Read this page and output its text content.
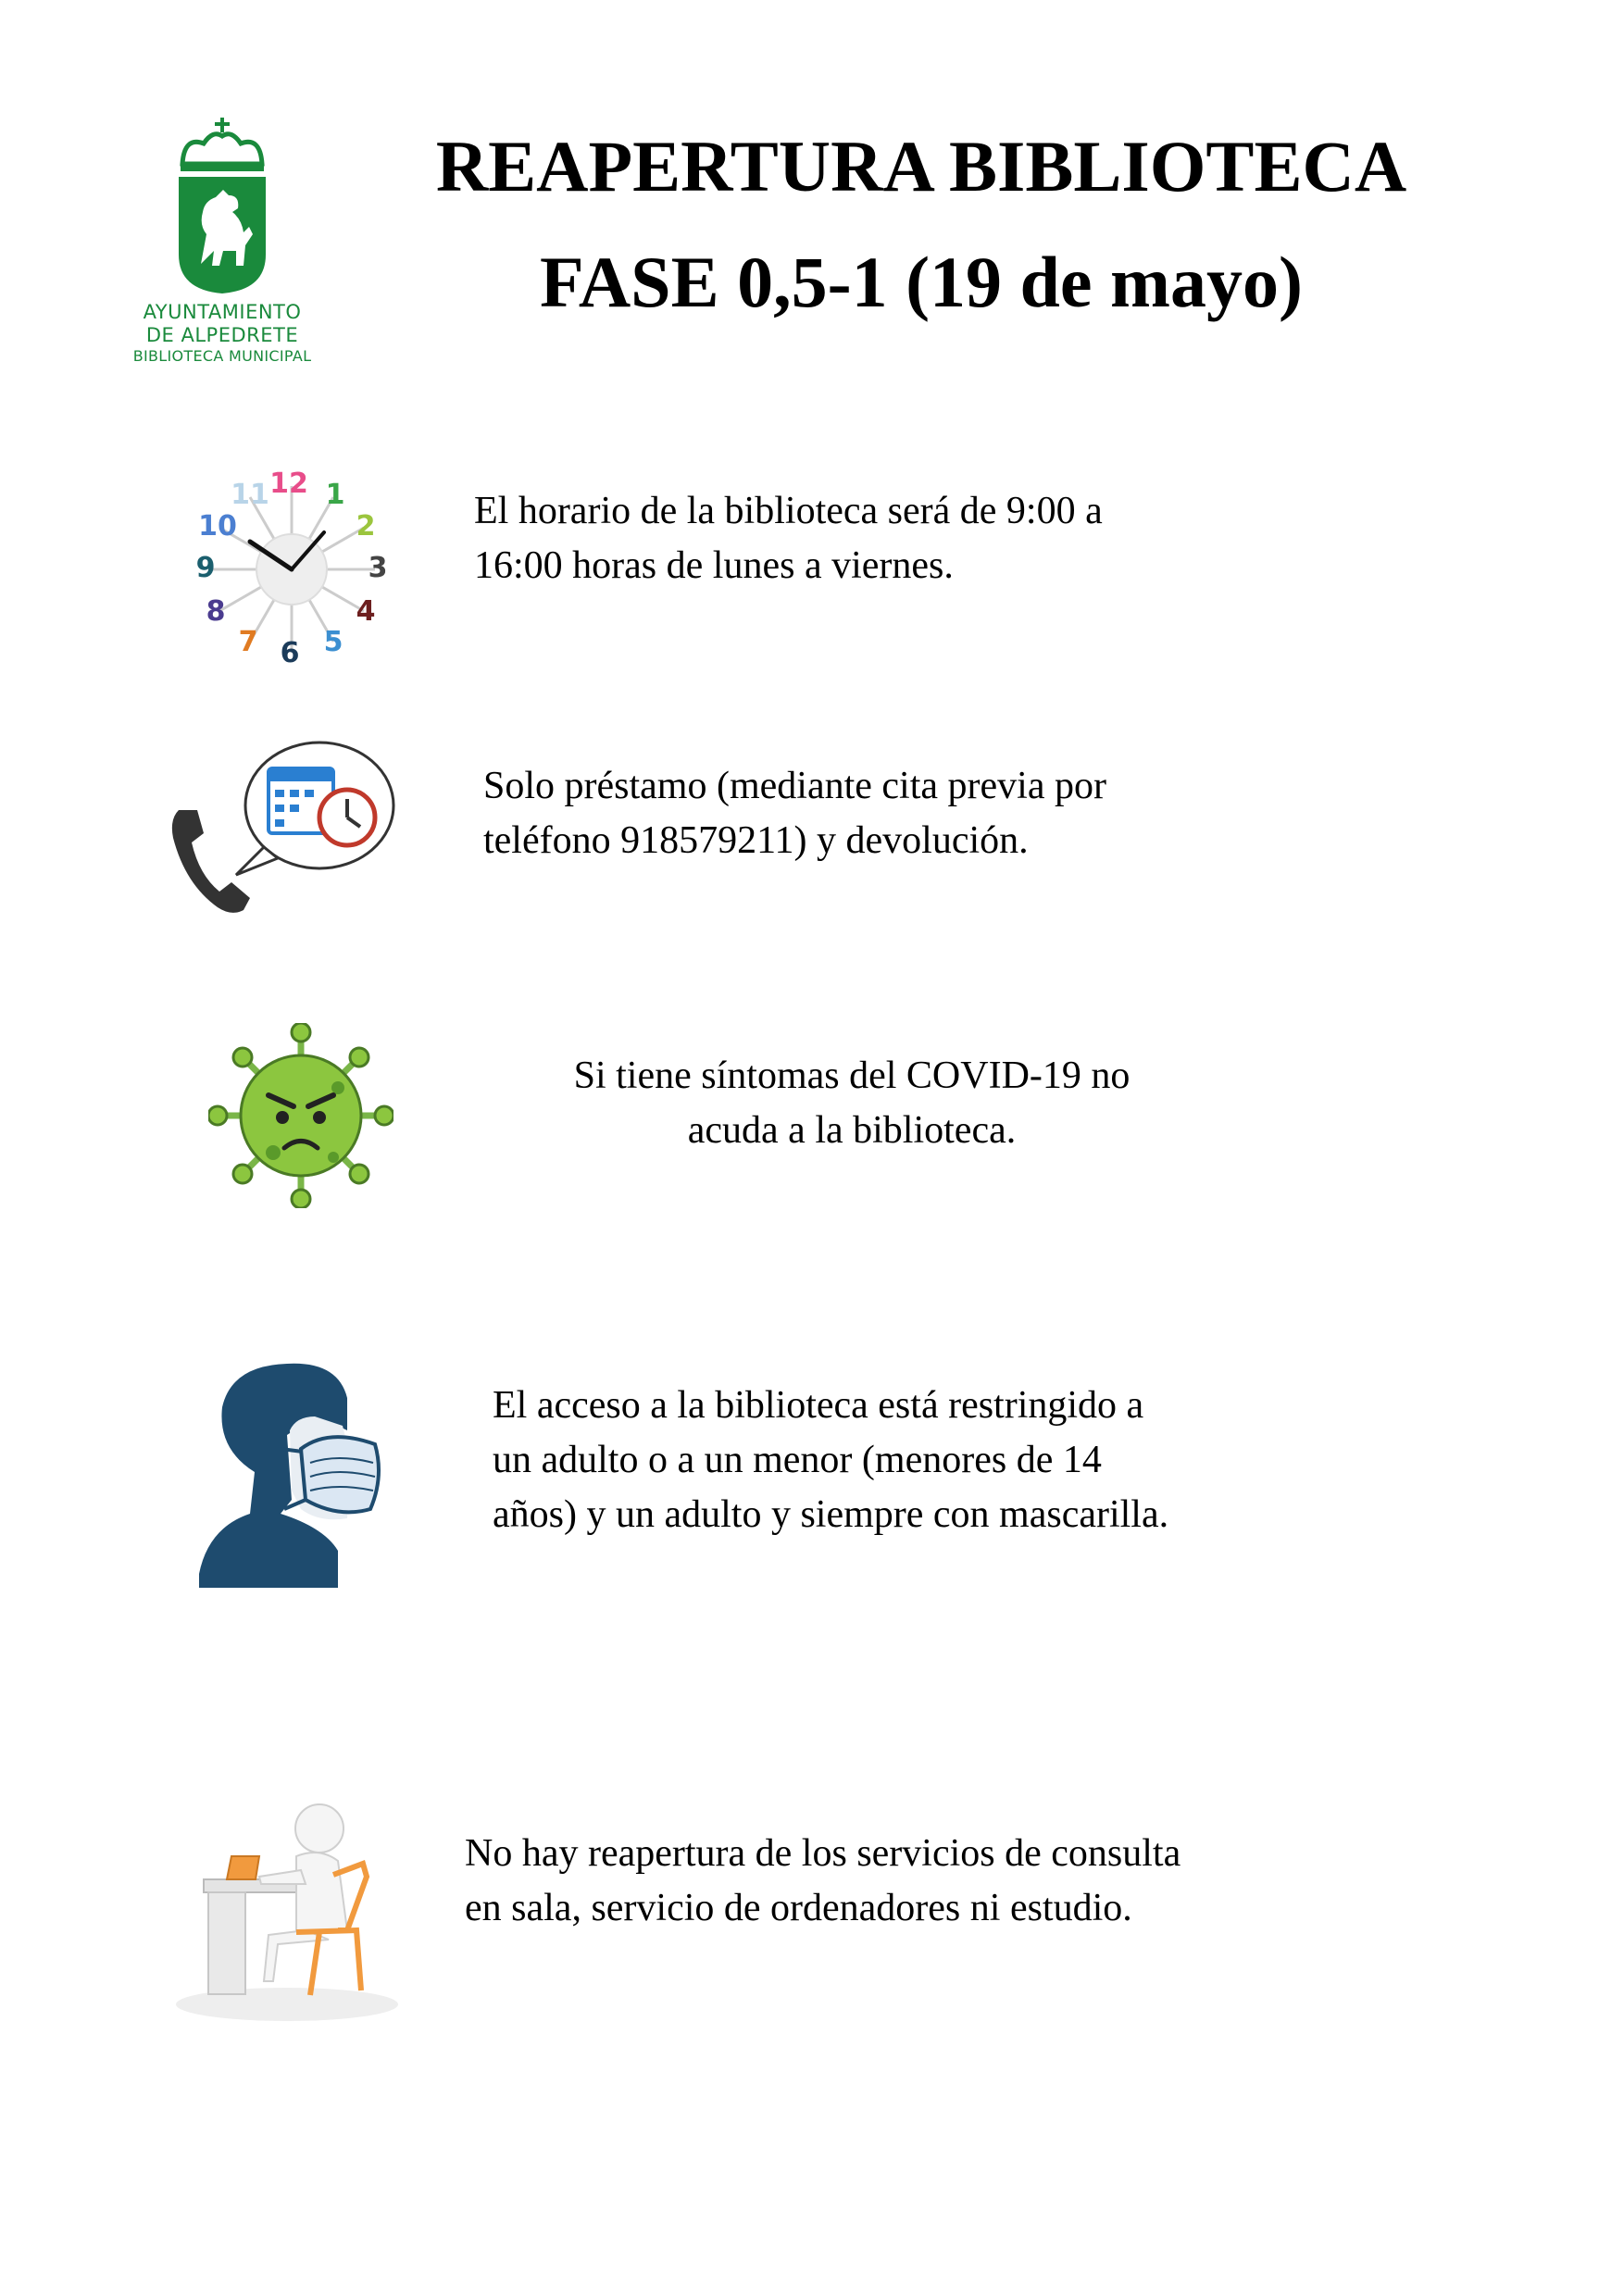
AYUNTAMIENTO
DE ALPEDRETE
BIBLIOTECA MUNICIPAL
REAPERTURA BIBLIOTECA
FASE 0,5-1 (19 de mayo)
12 1
2
3
4
5
6
7
8
9
10
11	El horario de la biblioteca será de 9:00 a
16:00 horas de lunes a viernes.
Solo préstamo (mediante cita previa por
teléfono 918579211) y devolución.
Si tiene síntomas del COVID-19 no
acuda a la biblioteca.
El acceso a la biblioteca está restringido a
un adulto o a un menor (menores de 14
años) y un adulto y siempre con mascarilla.
No hay reapertura de los servicios de consulta
en sala, servicio de ordenadores ni estudio.
